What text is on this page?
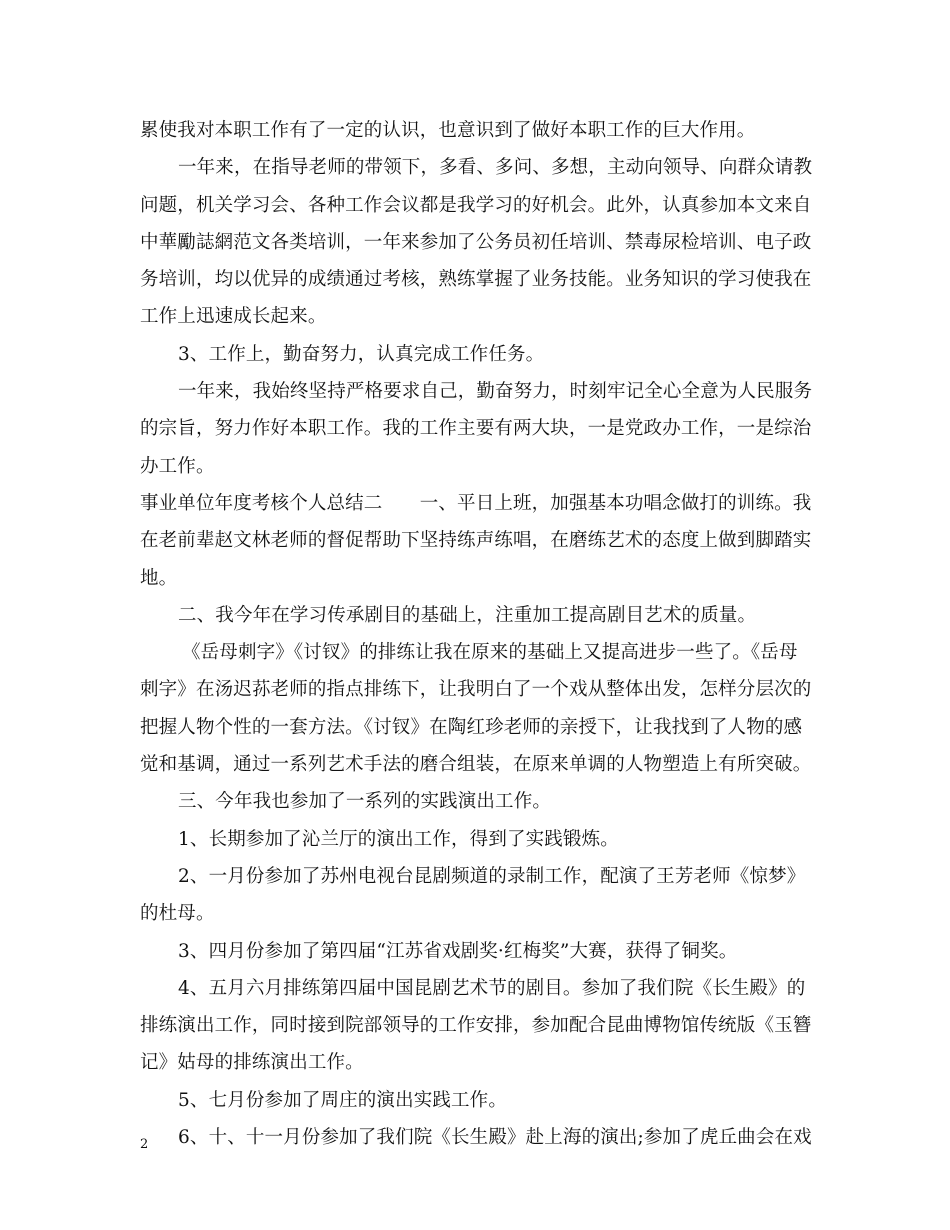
累使我对本职工作有了一定的认识，也意识到了做好本职工作的巨大作用。
一年来，在指导老师的带领下，多看、多问、多想，主动向领导、向群众请教
问题，机关学习会、各种工作会议都是我学习的好机会。此外，认真参加本文来自
中華勵誌網范文各类培训，一年来参加了公务员初任培训、禁毒尿检培训、电子政
务培训，均以优异的成绩通过考核，熟练掌握了业务技能。业务知识的学习使我在
工作上迅速成长起来。
3、工作上，勤奋努力，认真完成工作任务。
一年来，我始终坚持严格要求自己，勤奋努力，时刻牢记全心全意为人民服务
的宗旨，努力作好本职工作。我的工作主要有两大块，一是党政办工作，一是综治
办工作。
事业单位年度考核个人总结二　　一、平日上班，加强基本功唱念做打的训练。我
在老前辈赵文林老师的督促帮助下坚持练声练唱，在磨练艺术的态度上做到脚踏实
地。
二、我今年在学习传承剧目的基础上，注重加工提高剧目艺术的质量。
《岳母刺字》《讨钗》的排练让我在原来的基础上又提高进步一些了。《岳母
刺字》在汤迟荪老师的指点排练下，让我明白了一个戏从整体出发，怎样分层次的
把握人物个性的一套方法。《讨钗》在陶红珍老师的亲授下，让我找到了人物的感
觉和基调，通过一系列艺术手法的磨合组装，在原来单调的人物塑造上有所突破。
三、今年我也参加了一系列的实践演出工作。
1、长期参加了沁兰厅的演出工作，得到了实践锻炼。
2、一月份参加了苏州电视台昆剧频道的录制工作，配演了王芳老师《惊梦》
的杜母。
3、四月份参加了第四届“江苏省戏剧奖·红梅奖”大赛，获得了铜奖。
4、五月六月排练第四届中国昆剧艺术节的剧目。参加了我们院《长生殿》的
排练演出工作，同时接到院部领导的工作安排，参加配合昆曲博物馆传统版《玉簪
记》姑母的排练演出工作。
5、七月份参加了周庄的演出实践工作。
6、十、十一月份参加了我们院《长生殿》赴上海的演出;参加了虎丘曲会在戏
2
